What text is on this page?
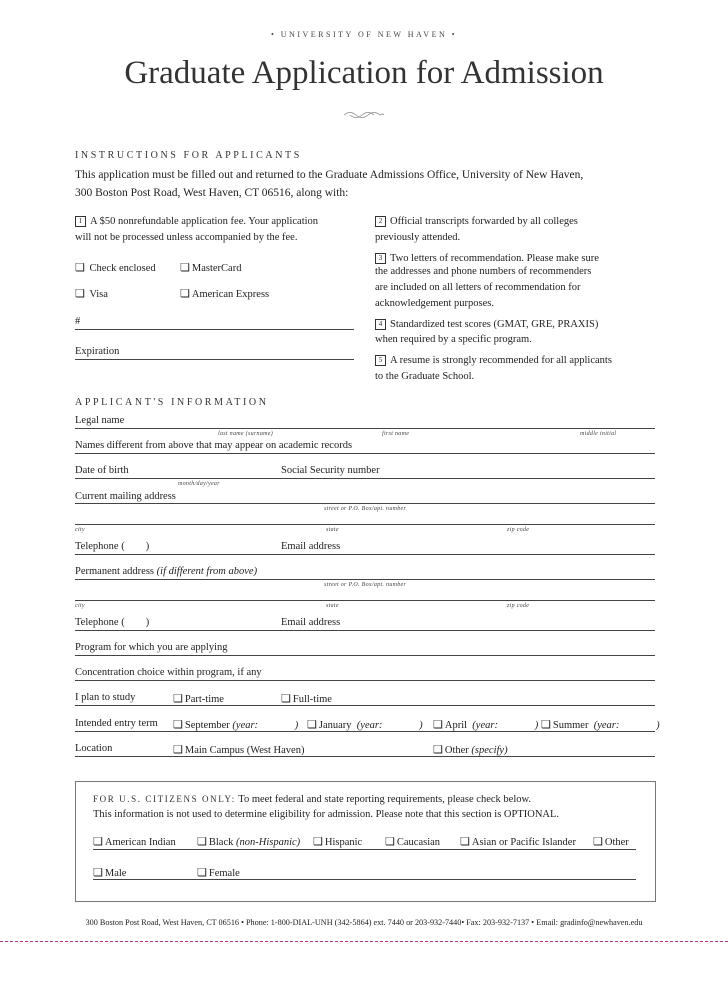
• UNIVERSITY OF NEW HAVEN •
Graduate Application for Admission
INSTRUCTIONS FOR APPLICANTS
This application must be filled out and returned to the Graduate Admissions Office, University of New Haven,
300 Boston Post Road, West Haven, CT 06516, along with:
1 A $50 nonrefundable application fee. Your application
will not be processed unless accompanied by the fee.
❏ Check enclosed ❏	MasterCard
❏ Visa ❏	American Express
#
Expiration
2 Official transcripts forwarded by all colleges
previously attended.
3 Two letters of recommendation. Please make sure
the addresses and phone numbers of recommenders
are included on all letters of recommendation for
acknowledgement purposes.
4 Standardized test scores (GMAT, GRE, PRAXIS)
when required by a specific program.
5 A resume is strongly recommended for all applicants
to the Graduate School.
APPLICANT'S INFORMATION
Legal name
last name (surname)	first name	middle initial
Names different from above that may appear on academic records
Date of birth	Social Security number
month/day/year
Current mailing address
street or P.O. Box/apt. number
city	state	zip code
Telephone (        )	Email address
Permanent address (if different from above)
street or P.O. Box/apt. number
city	state	zip code
Telephone (        )	Email address
Program for which you are applying
Concentration choice within program, if any
I plan to study ❏	Part-time ❏	Full-time
Intended entry term ❏	September (year:              ) ❏	January (year:              ) ❏	April (year:              ) ❏	Summer (year:              )
Location ❏	Main Campus (West Haven) ❏	Other (specify)
FOR U.S. CITIZENS ONLY: To meet federal and state reporting requirements, please check below.
This information is not used to determine eligibility for admission. Please note that this section is OPTIONAL.
❏ American Indian ❏	Black (non-Hispanic) ❏	Hispanic ❏	Caucasian ❏	Asian or Pacific Islander ❏	Other
❏ Male ❏	Female
300 Boston Post Road, West Haven, CT 06516 • Phone: 1-800-DIAL-UNH (342-5864) ext. 7440 or 203-932-7440• Fax: 203-932-7137 • Email: gradinfo@newhaven.edu
